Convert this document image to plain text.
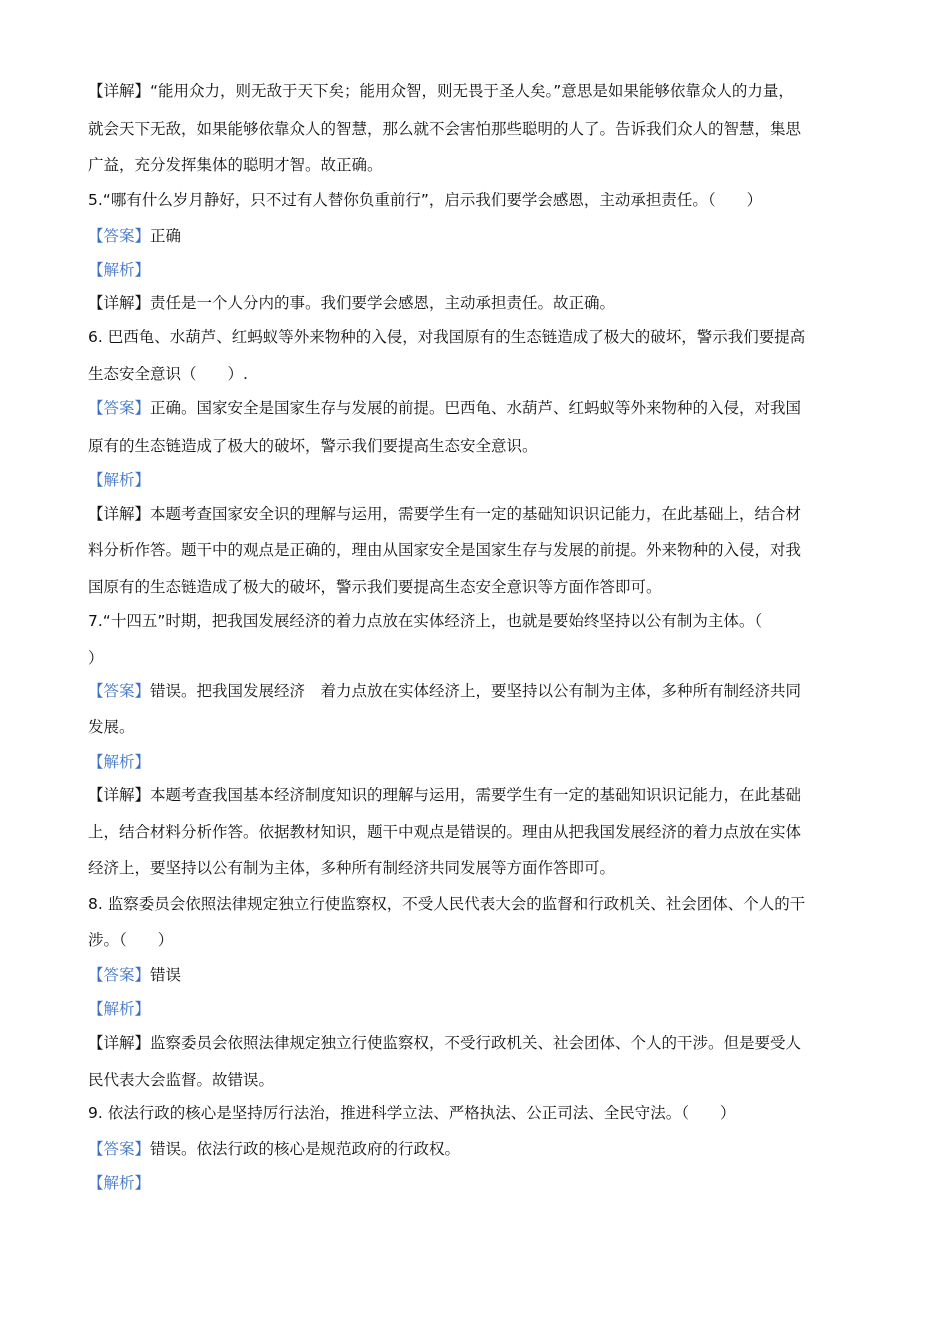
【详解】“能用众力，则无敌于天下矣；能用众智，则无畏于圣人矣。”意思是如果能够依靠众人的力量，
就会天下无敌，如果能够依靠众人的智慧，那么就不会害怕那些聪明的人了。告诉我们众人的智慧，集思
广益，充分发挥集体的聪明才智。故正确。
5.“哪有什么岁月静好，只不过有人替你负重前行”，启示我们要学会感恩，主动承担责任。（　　）
【答案】正确
【解析】
【详解】责任是一个人分内的事。我们要学会感恩，主动承担责任。故正确。
6. 巴西龟、水葫芦、红蚂蚁等外来物种的入侵，对我国原有的生态链造成了极大的破坏，警示我们要提高
生态安全意识（　　）.
【答案】正确。国家安全是国家生存与发展的前提。巴西龟、水葫芦、红蚂蚁等外来物种的入侵，对我国
原有的生态链造成了极大的破坏，警示我们要提高生态安全意识。
【解析】
【详解】本题考查国家安全识的理解与运用，需要学生有一定的基础知识识记能力，在此基础上，结合材
料分析作答。题干中的观点是正确的，理由从国家安全是国家生存与发展的前提。外来物种的入侵，对我
国原有的生态链造成了极大的破坏，警示我们要提高生态安全意识等方面作答即可。
7.“十四五”时期，把我国发展经济的着力点放在实体经济上，也就是要始终坚持以公有制为主体。（
）
【答案】错误。把我国发展经济　着力点放在实体经济上，要坚持以公有制为主体，多种所有制经济共同
发展。
【解析】
【详解】本题考查我国基本经济制度知识的理解与运用，需要学生有一定的基础知识识记能力，在此基础
上，结合材料分析作答。依据教材知识，题干中观点是错误的。理由从把我国发展经济的着力点放在实体
经济上，要坚持以公有制为主体，多种所有制经济共同发展等方面作答即可。
8. 监察委员会依照法律规定独立行使监察权，不受人民代表大会的监督和行政机关、社会团体、个人的干
涉。（　　）
【答案】错误
【解析】
【详解】监察委员会依照法律规定独立行使监察权，不受行政机关、社会团体、个人的干涉。但是要受人
民代表大会监督。故错误。
9. 依法行政的核心是坚持厉行法治，推进科学立法、严格执法、公正司法、全民守法。（　　）
【答案】错误。依法行政的核心是规范政府的行政权。
【解析】
